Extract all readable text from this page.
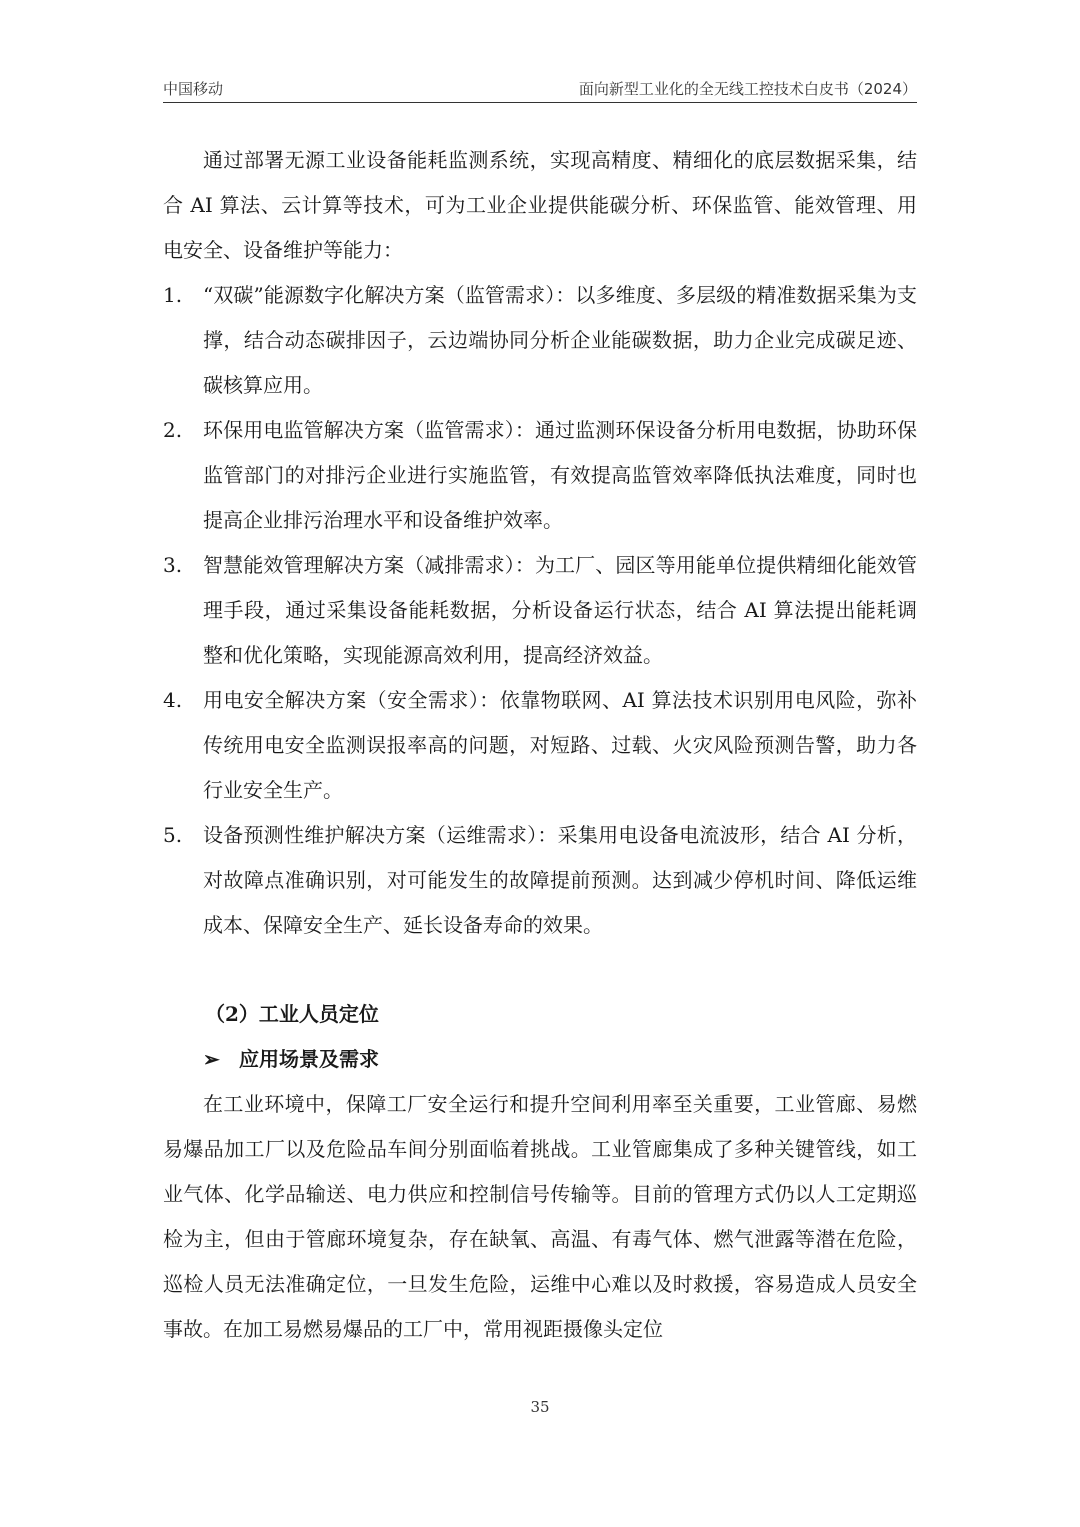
中国移动	面向新型工业化的全无线工控技术白皮书（2024）

通过部署无源工业设备能耗监测系统，实现高精度、精细化的底层数据采集，结合 AI 算法、云计算等技术，可为工业企业提供能碳分析、环保监管、能效管理、用电安全、设备维护等能力：

1.	“双碳”能源数字化解决方案（监管需求）：以多维度、多层级的精准数据采集为支撑，结合动态碳排因子，云边端协同分析企业能碳数据，助力企业完成碳足迹、碳核算应用。
2.	环保用电监管解决方案（监管需求）：通过监测环保设备分析用电数据，协助环保监管部门的对排污企业进行实施监管，有效提高监管效率降低执法难度，同时也提高企业排污治理水平和设备维护效率。
3.	智慧能效管理解决方案（减排需求）：为工厂、园区等用能单位提供精细化能效管理手段，通过采集设备能耗数据，分析设备运行状态，结合 AI 算法提出能耗调整和优化策略，实现能源高效利用，提高经济效益。
4.	用电安全解决方案（安全需求）：依靠物联网、AI 算法技术识别用电风险，弥补传统用电安全监测误报率高的问题，对短路、过载、火灾风险预测告警，助力各行业安全生产。
5.	设备预测性维护解决方案（运维需求）：采集用电设备电流波形，结合 AI 分析，对故障点准确识别，对可能发生的故障提前预测。达到减少停机时间、降低运维成本、保障安全生产、延长设备寿命的效果。

（2）工业人员定位

➢ 应用场景及需求

在工业环境中，保障工厂安全运行和提升空间利用率至关重要，工业管廊、易燃易爆品加工厂以及危险品车间分别面临着挑战。工业管廊集成了多种关键管线，如工业气体、化学品输送、电力供应和控制信号传输等。目前的管理方式仍以人工定期巡检为主，但由于管廊环境复杂，存在缺氧、高温、有毒气体、燃气泄露等潜在危险，巡检人员无法准确定位，一旦发生危险，运维中心难以及时救援，容易造成人员安全事故。在加工易燃易爆品的工厂中，常用视距摄像头定位

35
